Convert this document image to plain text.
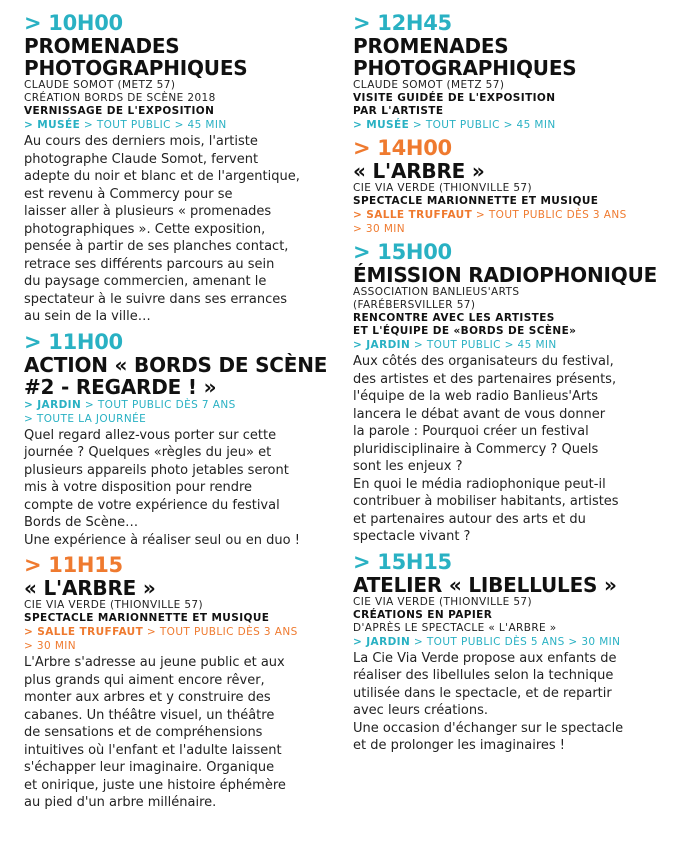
> 10H00
PROMENADES
PHOTOGRAPHIQUES
CLAUDE SOMOT (METZ 57)
CRÉATION BORDS DE SCÈNE 2018
VERNISSAGE DE L'EXPOSITION
> MUSÉE > TOUT PUBLIC > 45 MIN
Au cours des derniers mois, l'artiste
photographe Claude Somot, fervent
adepte du noir et blanc et de l'argentique,
est revenu à Commercy pour se
laisser aller à plusieurs « promenades
photographiques ». Cette exposition,
pensée à partir de ses planches contact,
retrace ses différents parcours au sein
du paysage commercien, amenant le
spectateur à le suivre dans ses errances
au sein de la ville…
> 11H00
ACTION « BORDS DE SCÈNE
#2 - REGARDE ! »
> JARDIN > TOUT PUBLIC DÈS 7 ANS
> TOUTE LA JOURNÉE
Quel regard allez-vous porter sur cette
journée ? Quelques «règles du jeu» et
plusieurs appareils photo jetables seront
mis à votre disposition pour rendre
compte de votre expérience du festival
Bords de Scène…
Une expérience à réaliser seul ou en duo !
> 11H15
« L'ARBRE »
CIE VIA VERDE (THIONVILLE 57)
SPECTACLE MARIONNETTE ET MUSIQUE
> SALLE TRUFFAUT > TOUT PUBLIC DÈS 3 ANS
> 30 MIN
L'Arbre s'adresse au jeune public et aux
plus grands qui aiment encore rêver,
monter aux arbres et y construire des
cabanes. Un théâtre visuel, un théâtre
de sensations et de compréhensions
intuitives où l'enfant et l'adulte laissent
s'échapper leur imaginaire. Organique
et onirique, juste une histoire éphémère
au pied d'un arbre millénaire.
> 12H45
PROMENADES
PHOTOGRAPHIQUES
CLAUDE SOMOT (METZ 57)
VISITE GUIDÉE DE L'EXPOSITION
PAR L'ARTISTE
> MUSÉE > TOUT PUBLIC > 45 MIN
> 14H00
« L'ARBRE »
CIE VIA VERDE (THIONVILLE 57)
SPECTACLE MARIONNETTE ET MUSIQUE
> SALLE TRUFFAUT > TOUT PUBLIC DÈS 3 ANS
> 30 MIN
> 15H00
ÉMISSION RADIOPHONIQUE
ASSOCIATION BANLIEUS'ARTS
(FARÉBERSVILLER 57)
RENCONTRE AVEC LES ARTISTES
ET L'ÉQUIPE DE «BORDS DE SCÈNE»
> JARDIN > TOUT PUBLIC > 45 MIN
Aux côtés des organisateurs du festival,
des artistes et des partenaires présents,
l'équipe de la web radio Banlieus'Arts
lancera le débat avant de vous donner
la parole : Pourquoi créer un festival
pluridisciplinaire à Commercy ? Quels
sont les enjeux ?
En quoi le média radiophonique peut-il
contribuer à mobiliser habitants, artistes
et partenaires autour des arts et du
spectacle vivant ?
> 15H15
ATELIER « LIBELLULES »
CIE VIA VERDE (THIONVILLE 57)
CRÉATIONS EN PAPIER
D'APRÈS LE SPECTACLE « L'ARBRE »
> JARDIN > TOUT PUBLIC DÈS 5 ANS > 30 MIN
La Cie Via Verde propose aux enfants de
réaliser des libellules selon la technique
utilisée dans le spectacle, et de repartir
avec leurs créations.
Une occasion d'échanger sur le spectacle
et de prolonger les imaginaires !
